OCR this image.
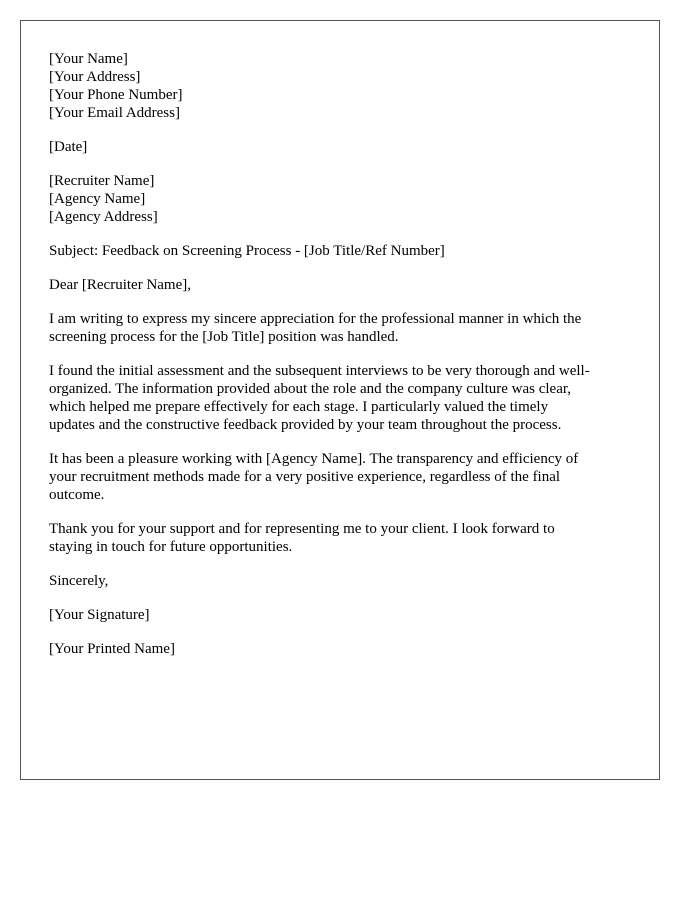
[Your Name]
[Your Address]
[Your Phone Number]
[Your Email Address]
[Date]
[Recruiter Name]
[Agency Name]
[Agency Address]
Subject: Feedback on Screening Process - [Job Title/Ref Number]
Dear [Recruiter Name],
I am writing to express my sincere appreciation for the professional manner in which the
screening process for the [Job Title] position was handled.
I found the initial assessment and the subsequent interviews to be very thorough and well-
organized. The information provided about the role and the company culture was clear,
which helped me prepare effectively for each stage. I particularly valued the timely
updates and the constructive feedback provided by your team throughout the process.
It has been a pleasure working with [Agency Name]. The transparency and efficiency of
your recruitment methods made for a very positive experience, regardless of the final
outcome.
Thank you for your support and for representing me to your client. I look forward to
staying in touch for future opportunities.
Sincerely,
[Your Signature]
[Your Printed Name]
